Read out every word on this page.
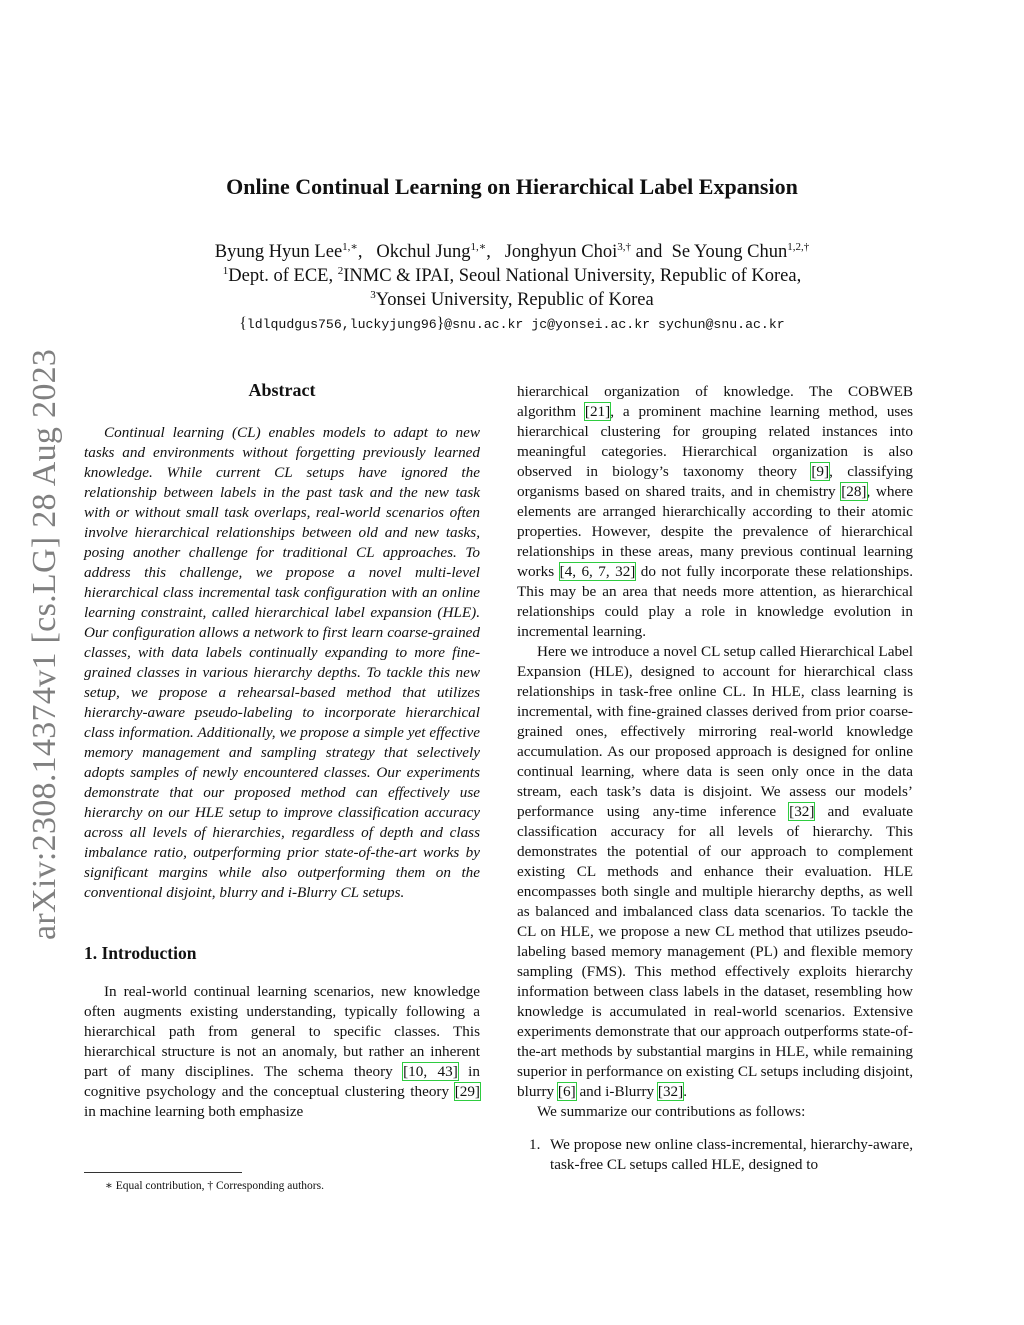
arXiv:2308.14374v1 [cs.LG] 28 Aug 2023
Online Continual Learning on Hierarchical Label Expansion
Byung Hyun Lee$^{1,∗}$,   Okchul Jung$^{1,∗}$,   Jonghyun Choi$^{3,\dagger}$ and Se Young Chun$^{1,2,\dagger}$
$^1$Dept. of ECE, $^2$INMC & IPAI, Seoul National University, Republic of Korea,
$^3$Yonsei University, Republic of Korea
{ldlqudgus756,luckyjung96}@snu.ac.kr jc@yonsei.ac.kr sychun@snu.ac.kr
Abstract

Continual learning (CL) enables models to adapt to new tasks and environments without forgetting previously learned knowledge. While current CL setups have ignored the relationship between labels in the past task and the new task with or without small task overlaps, real-world scenarios often involve hierarchical relationships between old and new tasks, posing another challenge for traditional CL approaches. To address this challenge, we propose a novel multi-level hierarchical class incremental task configuration with an online learning constraint, called hierarchical label expansion (HLE). Our configuration allows a network to first learn coarse-grained classes, with data labels continually expanding to more fine-grained classes in various hierarchy depths. To tackle this new setup, we propose a rehearsal-based method that utilizes hierarchy-aware pseudo-labeling to incorporate hierarchical class information. Additionally, we propose a simple yet effective memory management and sampling strategy that selectively adopts samples of newly encountered classes. Our experiments demonstrate that our proposed method can effectively use hierarchy on our HLE setup to improve classification accuracy across all levels of hierarchies, regardless of depth and class imbalance ratio, outperforming prior state-of-the-art works by significant margins while also outperforming them on the conventional disjoint, blurry and i-Blurry CL setups.

1. Introduction

In real-world continual learning scenarios, new knowledge often augments existing understanding, typically following a hierarchical path from general to specific classes. This hierarchical structure is not an anomaly, but rather an inherent part of many disciplines. The schema theory [10, 43] in cognitive psychology and the conceptual clustering theory [29] in machine learning both emphasize

hierarchical organization of knowledge. The COBWEB algorithm [21], a prominent machine learning method, uses hierarchical clustering for grouping related instances into meaningful categories. Hierarchical organization is also observed in biology’s taxonomy theory [9], classifying organisms based on shared traits, and in chemistry [28], where elements are arranged hierarchically according to their atomic properties. However, despite the prevalence of hierarchical relationships in these areas, many previous continual learning works [4, 6, 7, 32] do not fully incorporate these relationships. This may be an area that needs more attention, as hierarchical relationships could play a role in knowledge evolution in incremental learning.

Here we introduce a novel CL setup called Hierarchical Label Expansion (HLE), designed to account for hierarchical class relationships in task-free online CL. In HLE, class learning is incremental, with fine-grained classes derived from prior coarse-grained ones, effectively mirroring real-world knowledge accumulation. As our proposed approach is designed for online continual learning, where data is seen only once in the data stream, each task’s data is disjoint. We assess our models’ performance using any-time inference [32] and evaluate classification accuracy for all levels of hierarchy. This demonstrates the potential of our approach to complement existing CL methods and enhance their evaluation. HLE encompasses both single and multiple hierarchy depths, as well as balanced and imbalanced class data scenarios. To tackle the CL on HLE, we propose a new CL method that utilizes pseudo-labeling based memory management (PL) and flexible memory sampling (FMS). This method effectively exploits hierarchy information between class labels in the dataset, resembling how knowledge is accumulated in real-world scenarios. Extensive experiments demonstrate that our approach outperforms state-of-the-art methods by substantial margins in HLE, while remaining superior in performance on existing CL setups including disjoint, blurry [6] and i-Blurry [32].

We summarize our contributions as follows:

1. We propose new online class-incremental, hierarchy-aware, task-free CL setups called HLE, designed to
∗ Equal contribution, † Corresponding authors.
